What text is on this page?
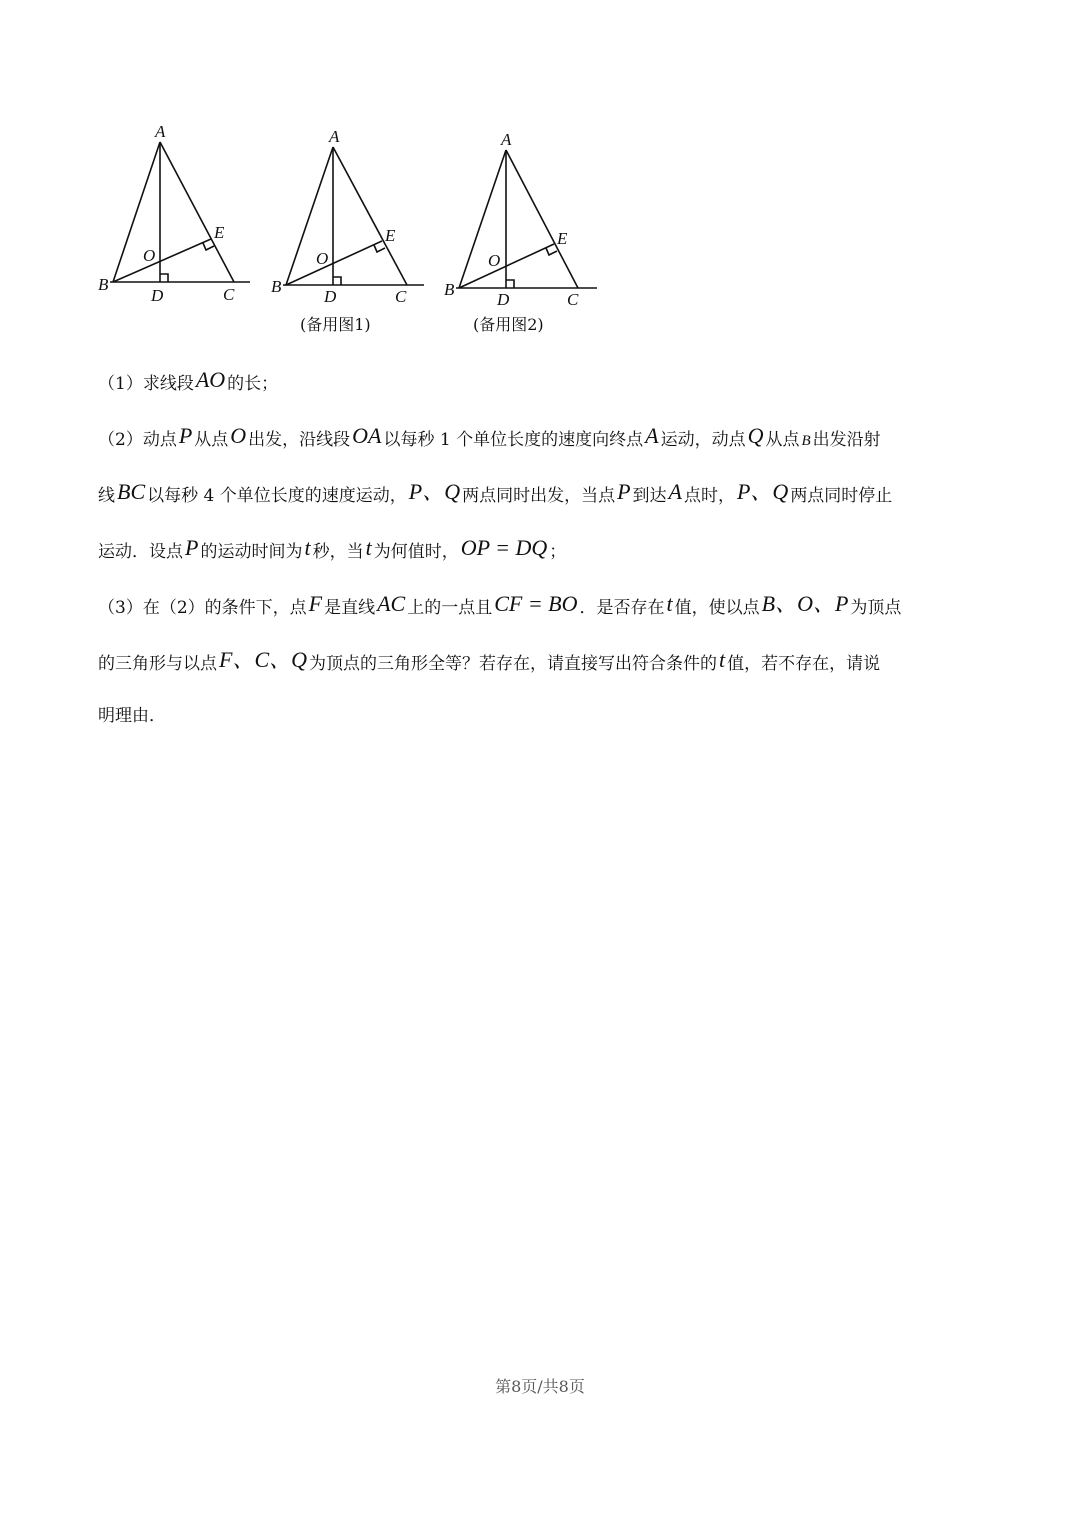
A
B
C
D
E
O
A
B
C
D
E
O
(备用图1)
A
B
C
D
E
O
(备用图2)
（1）求线段AO 的长；
（2）动点P 从点O 出发，沿线段OA 以每秒 1 个单位长度的速度向终点A 运动，动点Q 从点 B 出发沿射
线BC 以每秒 4 个单位长度的速度运动，P、Q 两点同时出发，当点P 到达A 点时，P、Q 两点同时停止
运动．设点P 的运动时间为t 秒，当t 为何值时，OP = DQ ；
（3）在（2）的条件下，点F 是直线AC 上的一点且CF = BO ．是否存在t 值，使以点B、O、P 为顶点
的三角形与以点F、C、Q 为顶点的三角形全等？若存在，请直接写出符合条件的t 值，若不存在，请说
明理由．
第8页/共8页
